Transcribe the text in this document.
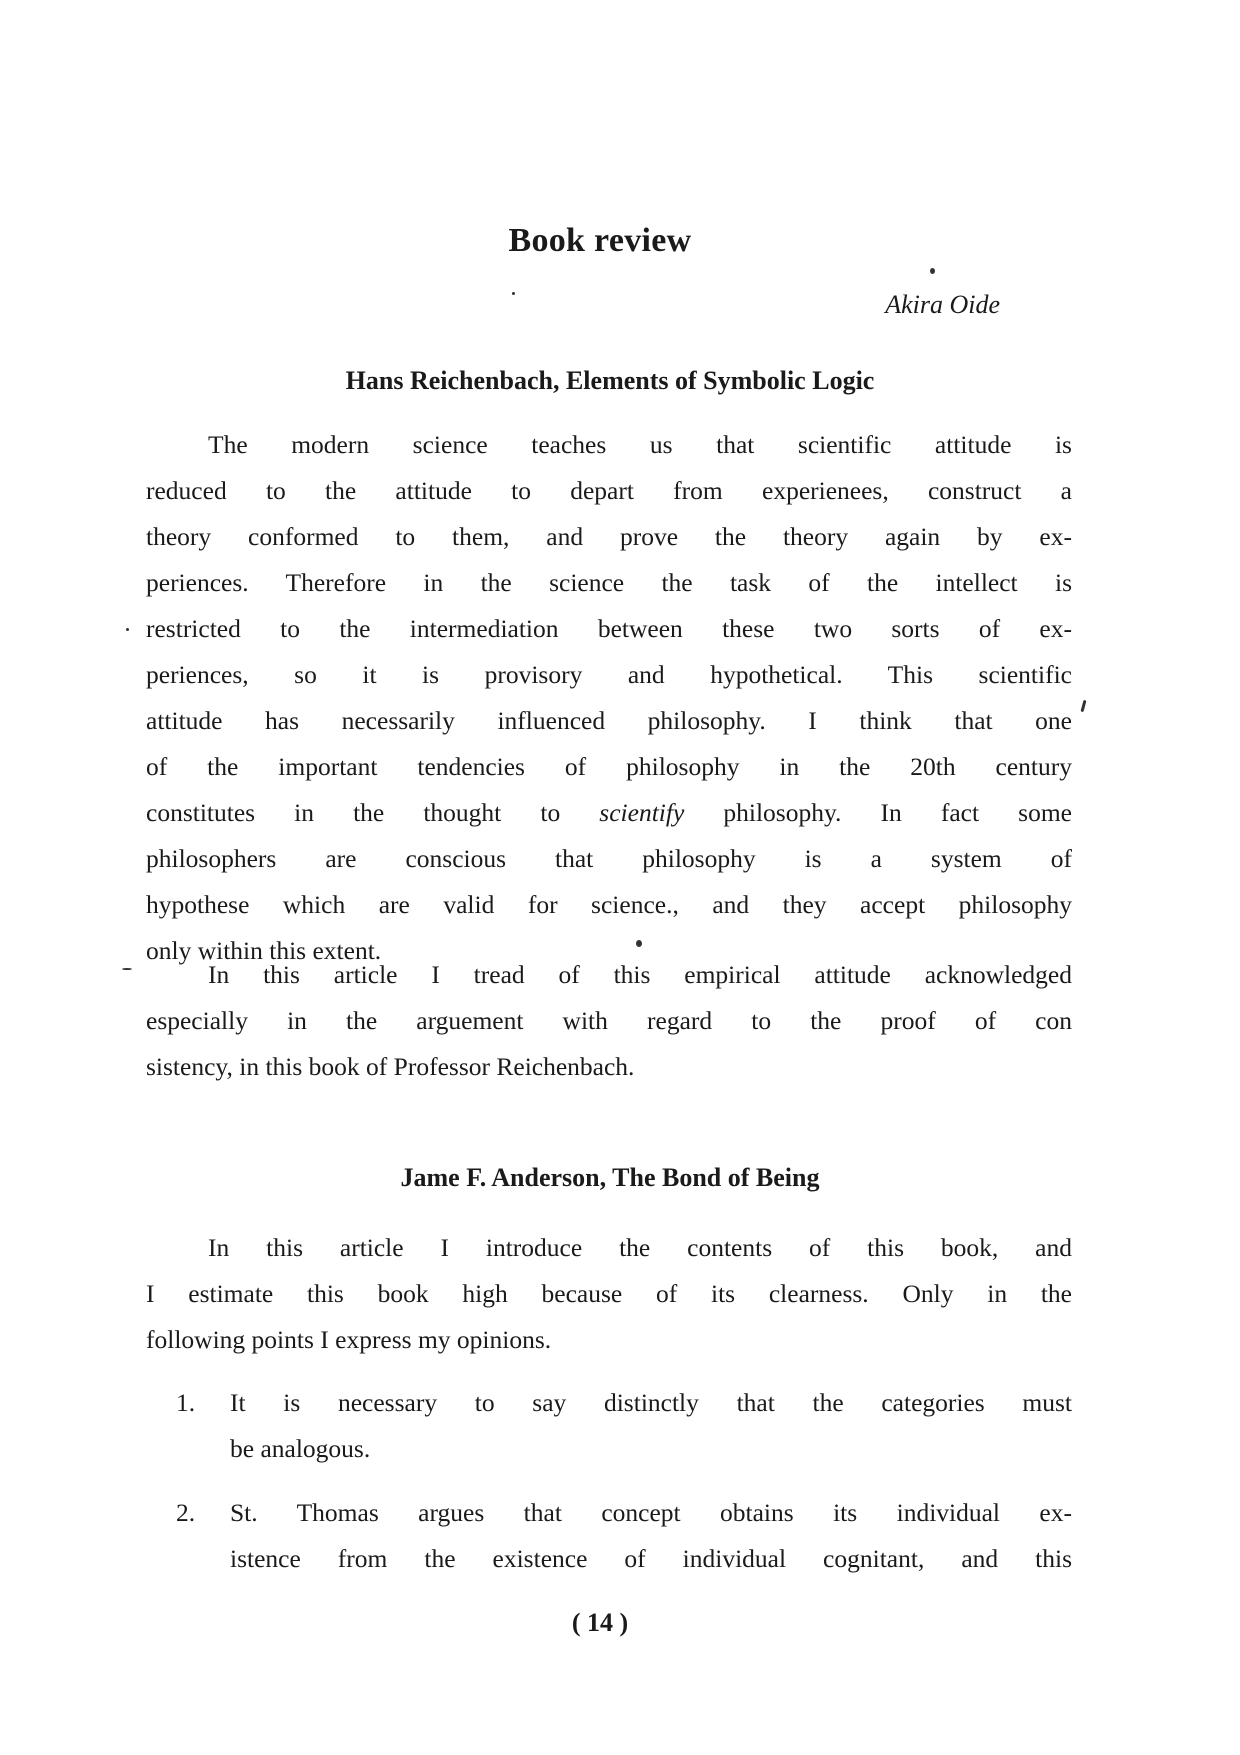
Book review
Akira Oide
Hans Reichenbach, Elements of Symbolic Logic
The modern science teaches us that scientific attitude is
reduced to the attitude to depart from experienees, construct a
theory conformed to them, and prove the theory again by ex-
periences. Therefore in the science the task of the intellect is
restricted to the intermediation between these two sorts of ex-
periences, so it is provisory and hypothetical. This scientific
attitude has necessarily influenced philosophy. I think that one
of the important tendencies of philosophy in the 20th century
constitutes in the thought to scientify philosophy. In fact some
philosophers are conscious that philosophy is a system of
hypothese which are valid for science., and they accept philosophy
only within this extent.
In this article I tread of this empirical attitude acknowledged
especially in the arguement with regard to the proof of con
sistency, in this book of Professor Reichenbach.
Jame F. Anderson, The Bond of Being
In this article I introduce the contents of this book, and
I estimate this book high because of its clearness. Only in the
following points I express my opinions.
1.	It is necessary to say distinctly that the categories must
be analogous.
2.	St. Thomas argues that concept obtains its individual ex-
istence from the existence of individual cognitant, and this
( 14 )
